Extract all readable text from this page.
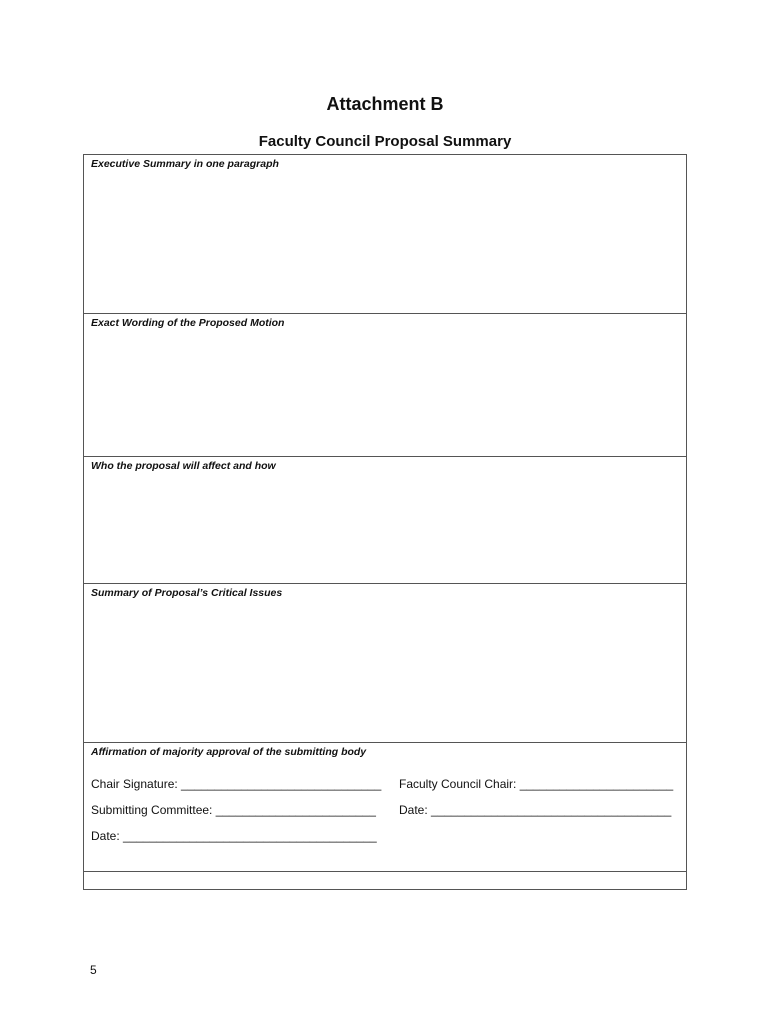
Attachment B
Faculty Council Proposal Summary
Executive Summary in one paragraph
Exact Wording of the Proposed Motion
Who the proposal will affect and how
Summary of Proposal’s Critical Issues
Affirmation of majority approval of the submitting body
Chair Signature: ______________________________ Faculty Council Chair: _______________________
Submitting Committee: ________________________ Date: ____________________________________
Date: ______________________________________
5
